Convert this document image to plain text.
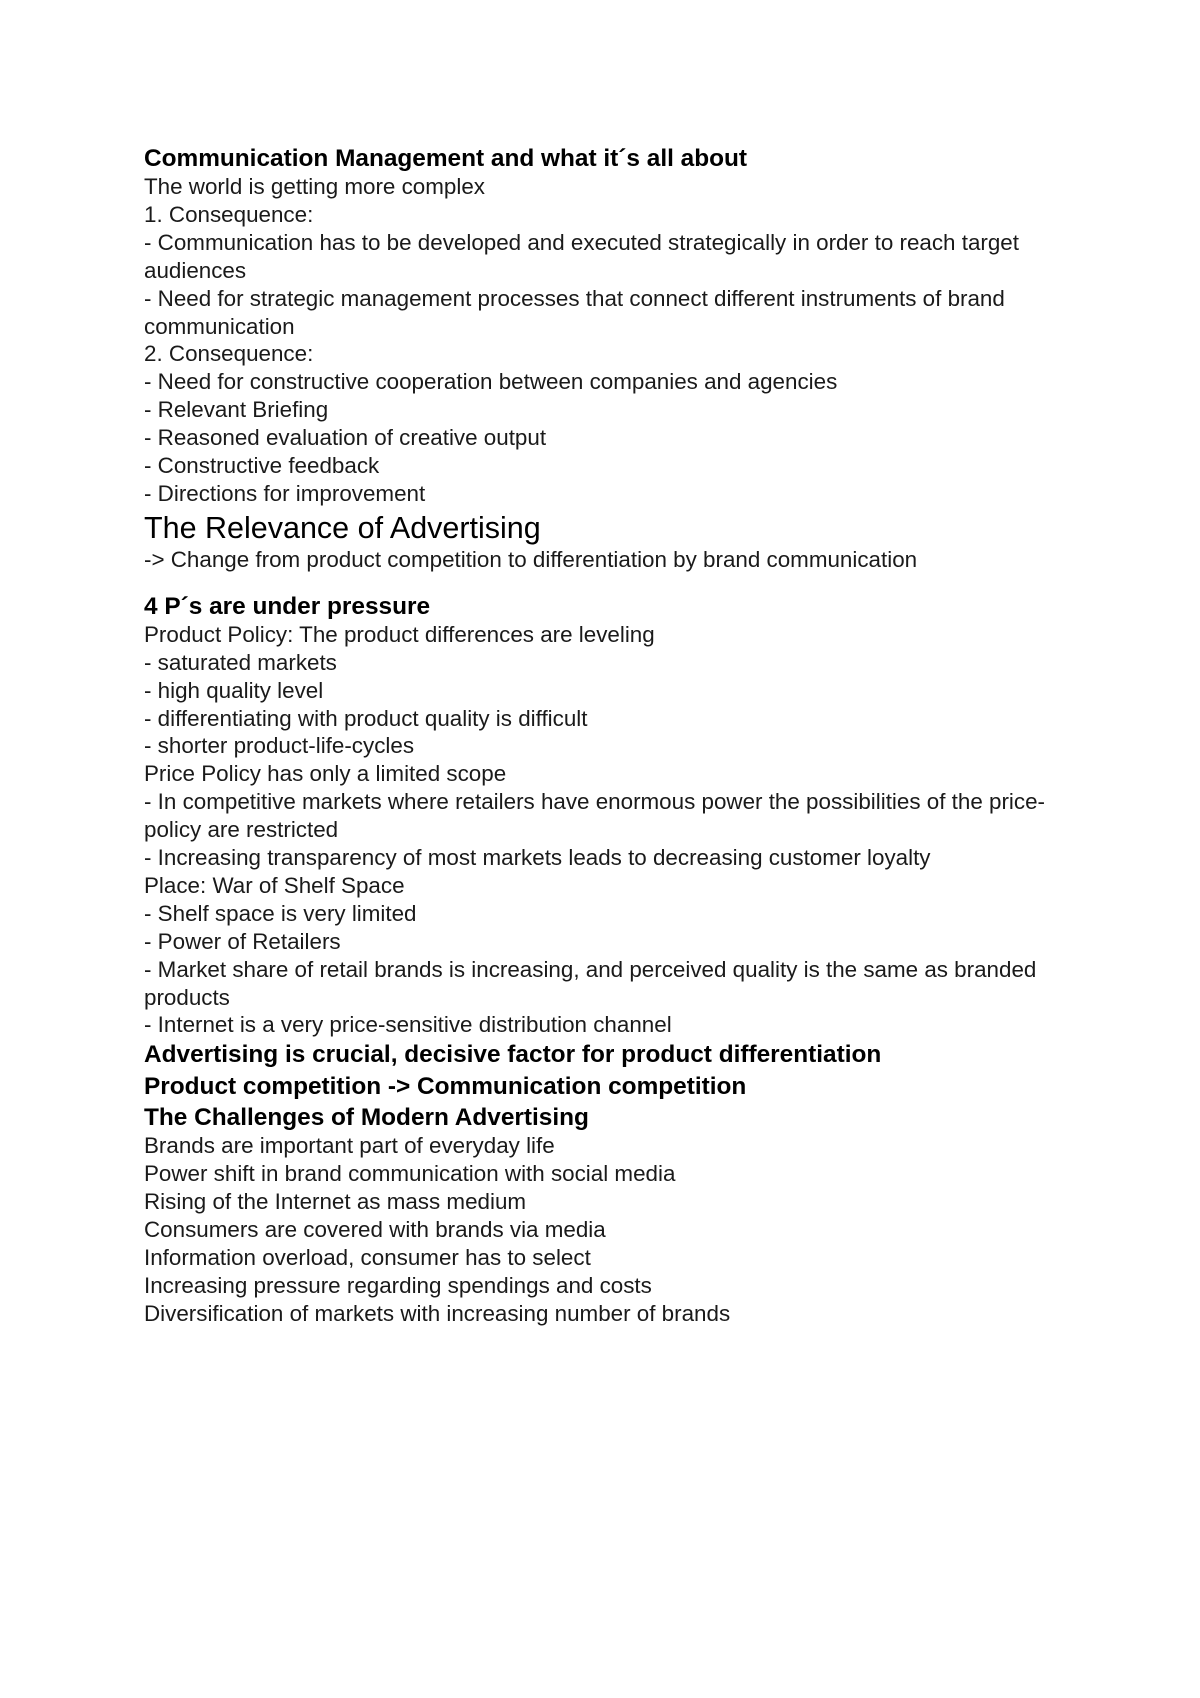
Communication Management and what it´s all about

The world is getting more complex
1. Consequence:
- Communication has to be developed and executed strategically in order to reach target audiences
- Need for strategic management processes that connect different instruments of brand communication
2. Consequence:
- Need for constructive cooperation between companies and agencies
- Relevant Briefing
- Reasoned evaluation of creative output
- Constructive feedback
- Directions for improvement

The Relevance of Advertising

-> Change from product competition to differentiation by brand communication

4 P´s are under pressure

Product Policy: The product differences are leveling
- saturated markets
- high quality level
- differentiating with product quality is difficult
- shorter product-life-cycles
Price Policy has only a limited scope
- In competitive markets where retailers have enormous power the possibilities of the price-policy are restricted
- Increasing transparency of most markets leads to decreasing customer loyalty
Place: War of Shelf Space
- Shelf space is very limited
- Power of Retailers
- Market share of retail brands is increasing, and perceived quality is the same as branded
products
- Internet is a very price-sensitive distribution channel

Advertising is crucial, decisive factor for product differentiation

Product competition -> Communication competition

The Challenges of Modern Advertising

Brands are important part of everyday life
Power shift in brand communication with social media
Rising of the Internet as mass medium
Consumers are covered with brands via media
Information overload, consumer has to select
Increasing pressure regarding spendings and costs
Diversification of markets with increasing number of brands
